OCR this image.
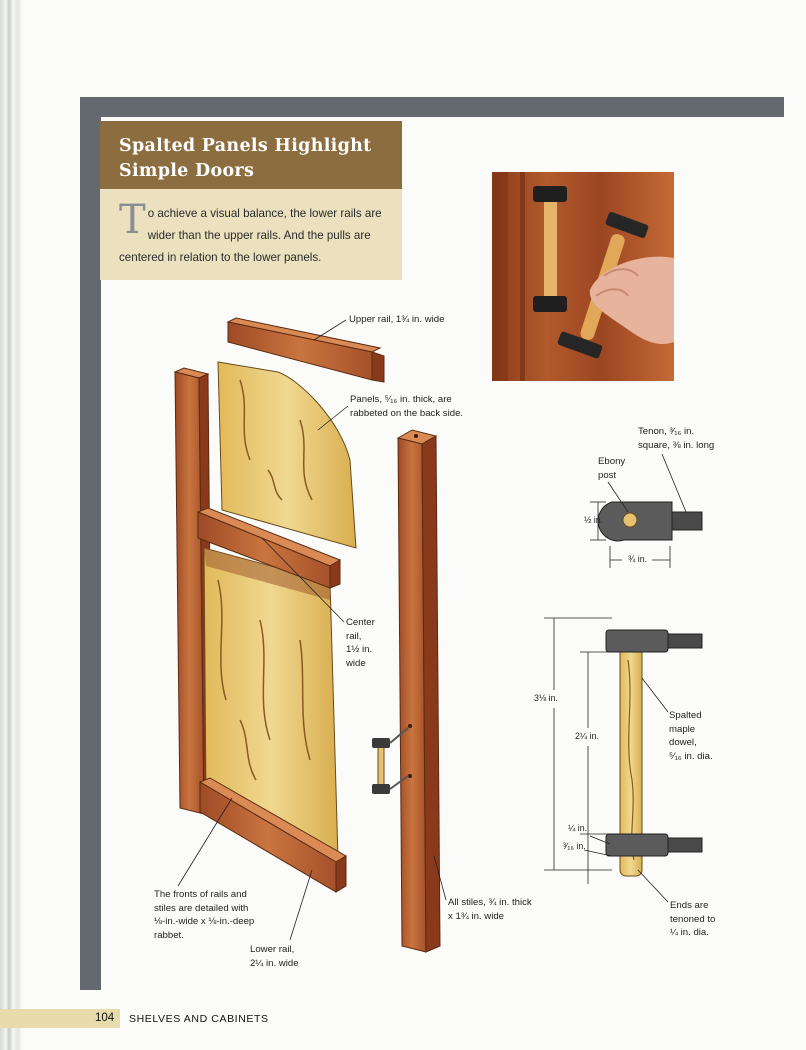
Spalted Panels Highlight Simple Doors

To achieve a visual balance, the lower rails are wider than the upper rails. And the pulls are centered in relation to the lower panels.

Upper rail, 1¾ in. wide
Panels, ⁵⁄₁₆ in. thick, are
rabbeted on the back side.
Center
rail,
1½ in.
wide
The fronts of rails and
stiles are detailed with
⅛-in.-wide x ⅛-in.-deep
rabbet.
Lower rail,
2¼ in. wide
All stiles, ¾ in. thick
x 1¾ in. wide
Tenon, ³⁄₁₆ in.
square, ⅜ in. long
Ebony
post
½ in.
¾ in.
3⅛ in.
2¼ in.
Spalted
maple
dowel,
⁵⁄₁₆ in. dia.
¼ in.
³⁄₁₆ in.
Ends are
tenoned to
¼ in. dia.
104 SHELVES AND CABINETS
